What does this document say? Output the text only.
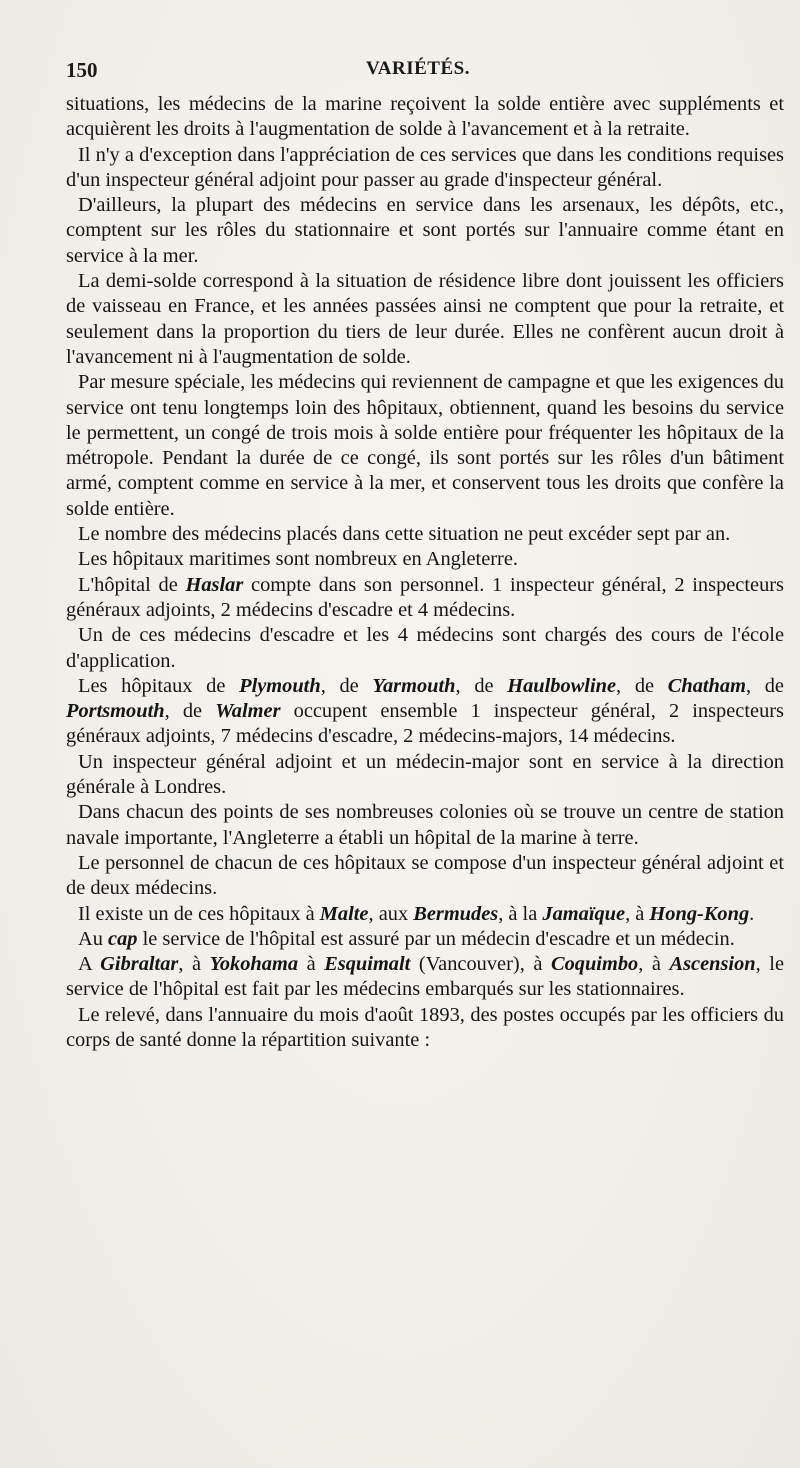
150	VARIÉTÉS.

situations, les médecins de la marine reçoivent la solde entière avec suppléments et acquièrent les droits à l'augmentation de solde à l'avancement et à la retraite.

Il n'y a d'exception dans l'appréciation de ces services que dans les conditions requises d'un inspecteur général adjoint pour passer au grade d'inspecteur général.

D'ailleurs, la plupart des médecins en service dans les arsenaux, les dépôts, etc., comptent sur les rôles du stationnaire et sont portés sur l'annuaire comme étant en service à la mer.

La demi-solde correspond à la situation de résidence libre dont jouissent les officiers de vaisseau en France, et les années passées ainsi ne comptent que pour la retraite, et seulement dans la proportion du tiers de leur durée. Elles ne confèrent aucun droit à l'avancement ni à l'augmentation de solde.

Par mesure spéciale, les médecins qui reviennent de campagne et que les exigences du service ont tenu longtemps loin des hôpitaux, obtiennent, quand les besoins du service le permettent, un congé de trois mois à solde entière pour fréquenter les hôpitaux de la métropole. Pendant la durée de ce congé, ils sont portés sur les rôles d'un bâtiment armé, comptent comme en service à la mer, et conservent tous les droits que confère la solde entière.

Le nombre des médecins placés dans cette situation ne peut excéder sept par an.

Les hôpitaux maritimes sont nombreux en Angleterre.

L'hôpital de Haslar compte dans son personnel. 1 inspecteur général, 2 inspecteurs généraux adjoints, 2 médecins d'escadre et 4 médecins.

Un de ces médecins d'escadre et les 4 médecins sont chargés des cours de l'école d'application.

Les hôpitaux de Plymouth, de Yarmouth, de Haulbowline, de Chatham, de Portsmouth, de Walmer occupent ensemble 1 inspecteur général, 2 inspecteurs généraux adjoints, 7 médecins d'escadre, 2 médecins-majors, 14 médecins.

Un inspecteur général adjoint et un médecin-major sont en service à la direction générale à Londres.

Dans chacun des points de ses nombreuses colonies où se trouve un centre de station navale importante, l'Angleterre a établi un hôpital de la marine à terre.

Le personnel de chacun de ces hôpitaux se compose d'un inspecteur général adjoint et de deux médecins.

Il existe un de ces hôpitaux à Malte, aux Bermudes, à la Jamaïque, à Hong-Kong.

Au cap le service de l'hôpital est assuré par un médecin d'escadre et un médecin.

A Gibraltar, à Yokohama à Esquimalt (Vancouver), à Coquimbo, à Ascension, le service de l'hôpital est fait par les médecins embarqués sur les stationnaires.

Le relevé, dans l'annuaire du mois d'août 1893, des postes occupés par les officiers du corps de santé donne la répartition suivante :
